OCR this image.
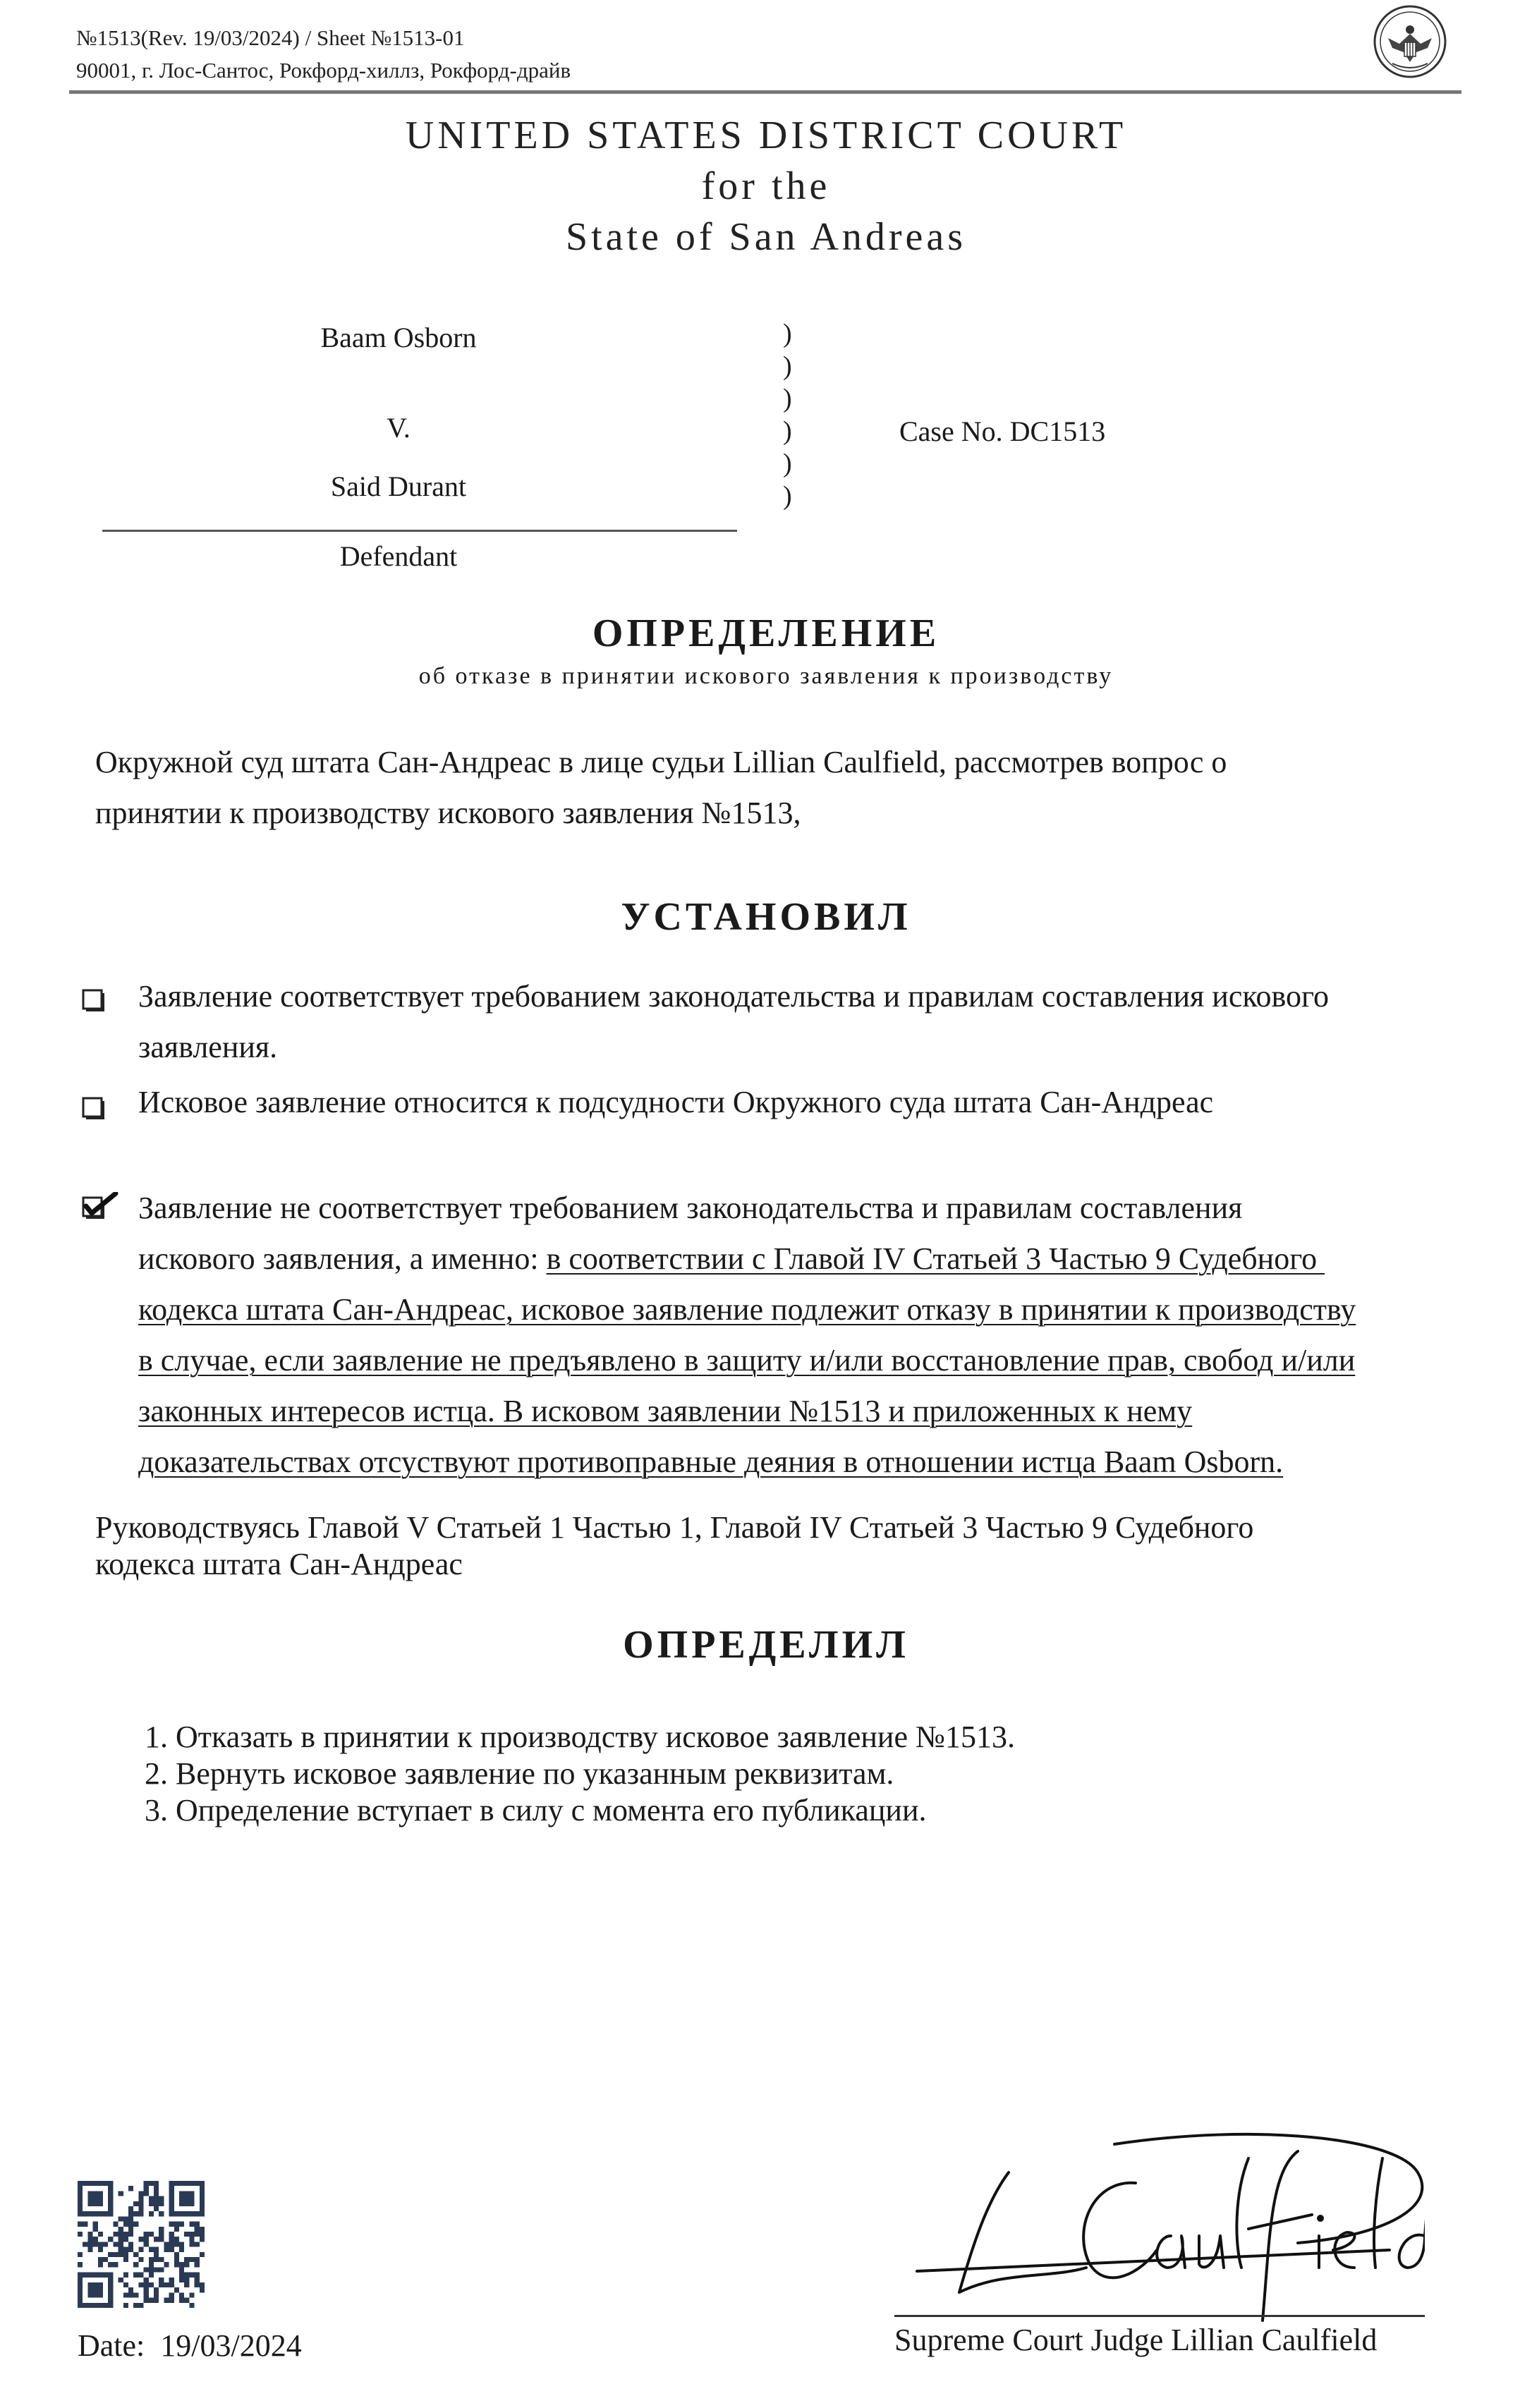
№1513(Rev. 19/03/2024) / Sheet №1513-01
90001, г. Лос-Сантос, Рокфорд-хиллз, Рокфорд-драйв
UNITED STATES DISTRICT COURT
for the
State of San Andreas
Baam Osborn
V.
Said Durant
Defendant
)
)
)
)
)
)
Case No. DC1513
ОПРЕДЕЛЕНИЕ
об отказе в принятии искового заявления к производству
Окружной суд штата Сан-Андреас в лице судьи Lillian Caulfield, рассмотрев вопрос о
принятии к производству искового заявления №1513,
УСТАНОВИЛ
Заявление соответствует требованием законодательства и правилам составления искового
заявления.
Исковое заявление относится к подсудности Окружного суда штата Сан-Андреас
Заявление не соответствует требованием законодательства и правилам составления
искового заявления, а именно: в соответствии с Главой IV Статьей 3 Частью 9 Судебного
кодекса штата Сан-Андреас, исковое заявление подлежит отказу в принятии к производству
в случае, если заявление не предъявлено в защиту и/или восстановление прав, свобод и/или
законных интересов истца. В исковом заявлении №1513 и приложенных к нему
доказательствах отсуствуют противоправные деяния в отношении истца Baam Osborn.
Руководствуясь Главой V Статьей 1 Частью 1, Главой IV Статьей 3 Частью 9 Судебного
кодекса штата Сан-Андреас
ОПРЕДЕЛИЛ
1. Отказать в принятии к производству исковое заявление №1513.
2. Вернуть исковое заявление по указанным реквизитам.
3. Определение вступает в силу с момента его публикации.
Date: 19/03/2024	Supreme Court Judge Lillian Caulfield
